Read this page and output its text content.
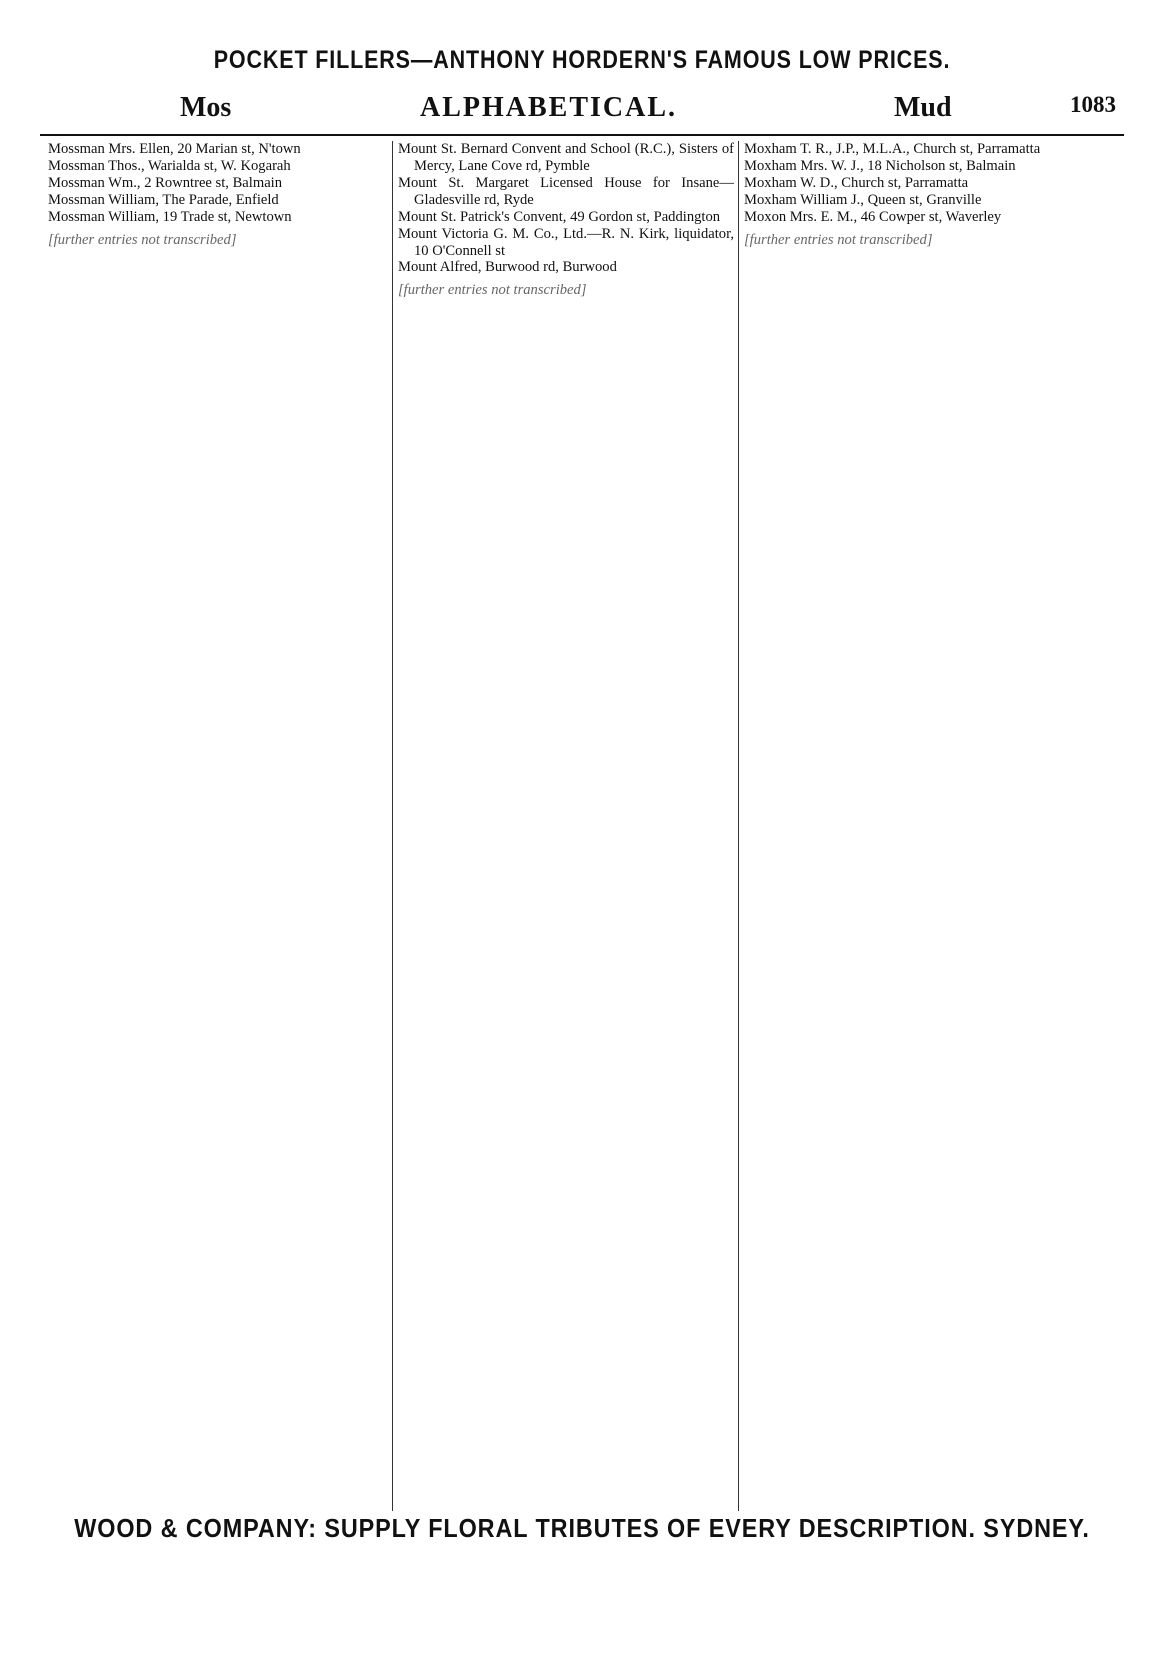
POCKET FILLERS—ANTHONY HORDERN'S FAMOUS LOW PRICES.
Mos	ALPHABETICAL.	Mud	1083

Mossman Mrs. Ellen, 20 Marian st, N'town

Mossman Thos., Warialda st, W. Kogarah

Mossman Wm., 2 Rowntree st, Balmain

Mossman William, The Parade, Enfield

Mossman William, 19 Trade st, Newtown

[further entries not transcribed]

Mount St. Bernard Convent and School (R.C.), Sisters of Mercy, Lane Cove rd, Pymble

Mount St. Margaret Licensed House for Insane—Gladesville rd, Ryde

Mount St. Patrick's Convent, 49 Gordon st, Paddington

Mount Victoria G. M. Co., Ltd.—R. N. Kirk, liquidator, 10 O'Connell st

Mount Alfred, Burwood rd, Burwood

[further entries not transcribed]

Moxham T. R., J.P., M.L.A., Church st, Parramatta

Moxham Mrs. W. J., 18 Nicholson st, Balmain

Moxham W. D., Church st, Parramatta

Moxham William J., Queen st, Granville

Moxon Mrs. E. M., 46 Cowper st, Waverley

[further entries not transcribed]

WOOD & COMPANY: SUPPLY FLORAL TRIBUTES OF EVERY DESCRIPTION. SYDNEY.
